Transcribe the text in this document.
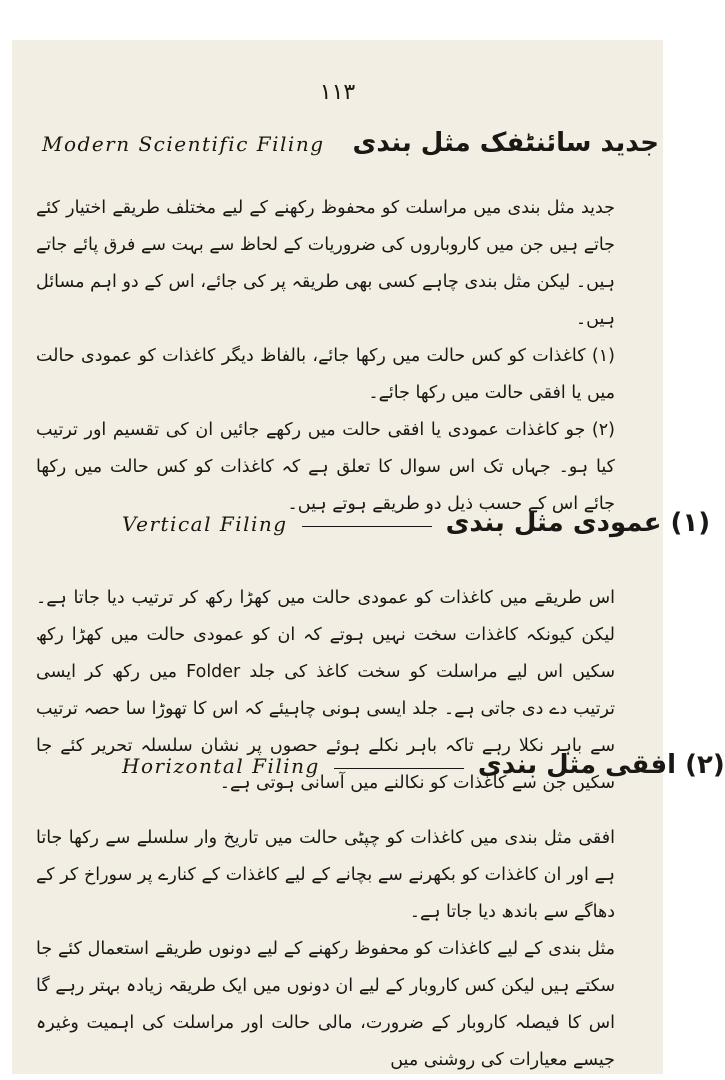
۱۱۳
Modern Scientific Filing جدید سائنٹفک مثل بندی

جدید مثل بندی میں مراسلت کو محفوظ رکھنے کے لیے مختلف طریقے اختیار کئے جاتے ہیں جن میں کاروباروں کی ضروریات کے لحاظ سے بہت سے فرق پائے جاتے ہیں۔ لیکن مثل بندی چاہے کسی بھی طریقہ پر کی جائے، اس کے دو اہم مسائل ہیں۔

(۱) کاغذات کو کس حالت میں رکھا جائے، بالفاظ دیگر کاغذات کو عمودی حالت میں یا افقی حالت میں رکھا جائے۔

(۲) جو کاغذات عمودی یا افقی حالت میں رکھے جائیں ان کی تقسیم اور ترتیب کیا ہو۔ جہاں تک اس سوال کا تعلق ہے کہ کاغذات کو کس حالت میں رکھا جائے اس کے حسب ذیل دو طریقے ہوتے ہیں۔

Vertical Filing	(۱) عمودی مثل بندی

اس طریقے میں کاغذات کو عمودی حالت میں کھڑا رکھ کر ترتیب دیا جاتا ہے۔ لیکن کیونکہ کاغذات سخت نہیں ہوتے کہ ان کو عمودی حالت میں کھڑا رکھ سکیں اس لیے مراسلت کو سخت کاغذ کی جلد Folder میں رکھ کر ایسی ترتیب دے دی جاتی ہے۔ جلد ایسی ہونی چاہیئے کہ اس کا تھوڑا سا حصہ ترتیب سے باہر نکلا رہے تاکہ باہر نکلے ہوئے حصوں پر نشان سلسلہ تحریر کئے جا سکیں جن سے کاغذات کو نکالنے میں آسانی ہوتی ہے۔

Horizontal Filing	(۲) افقی مثل بندی

افقی مثل بندی میں کاغذات کو چپٹی حالت میں تاریخ وار سلسلے سے رکھا جاتا ہے اور ان کاغذات کو بکھرنے سے بچانے کے لیے کاغذات کے کنارے پر سوراخ کر کے دھاگے سے باندھ دیا جاتا ہے۔

مثل بندی کے لیے کاغذات کو محفوظ رکھنے کے لیے دونوں طریقے استعمال کئے جا سکتے ہیں لیکن کس کاروبار کے لیے ان دونوں میں ایک طریقہ زیادہ بہتر رہے گا اس کا فیصلہ کاروبار کے ضرورت، مالی حالت اور مراسلت کی اہمیت وغیرہ جیسے معیارات کی روشنی میں
